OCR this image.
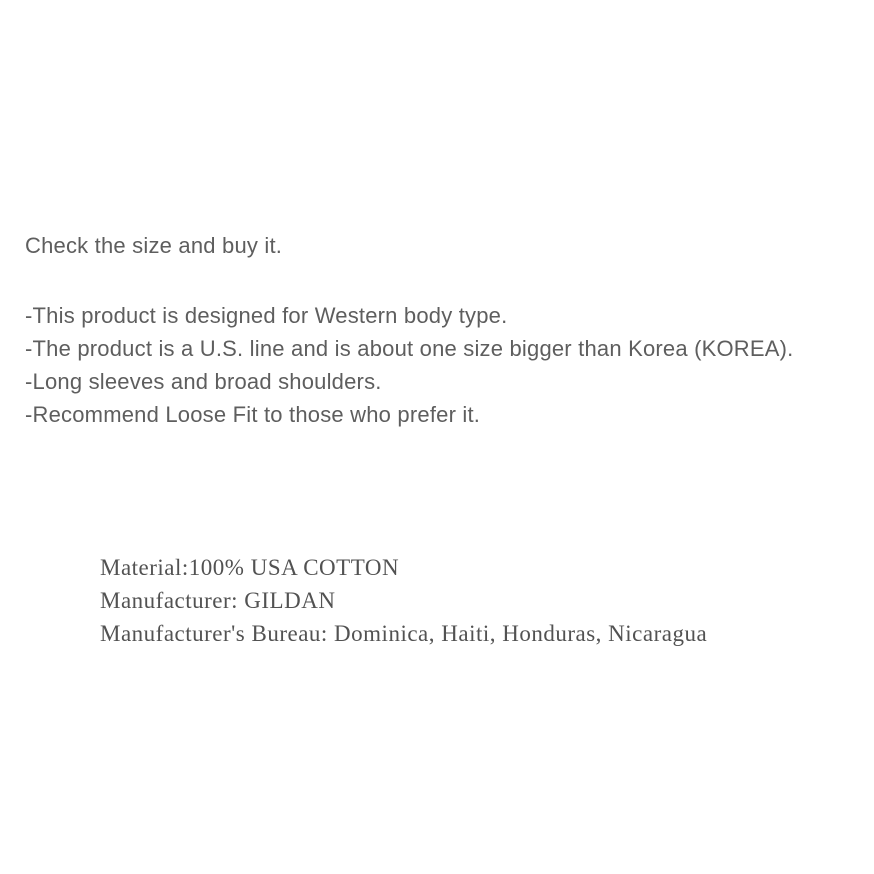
Check the size and buy it.

-This product is designed for Western body type.

-The product is a U.S. line and is about one size bigger than Korea (KOREA).

-Long sleeves and broad shoulders.

-Recommend Loose Fit to those who prefer it.

Material:100% USA COTTON

Manufacturer: GILDAN

Manufacturer's Bureau: Dominica, Haiti, Honduras, Nicaragua
